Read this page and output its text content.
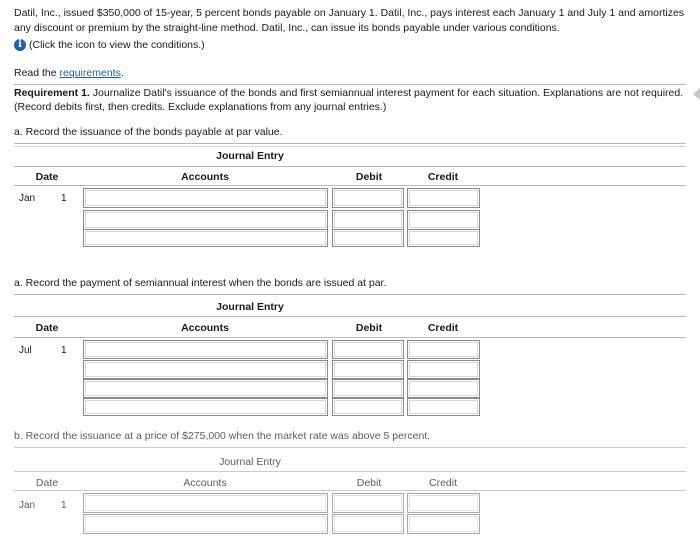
Datil, Inc., issued $350,000 of 15-year, 5 percent bonds payable on January 1. Datil, Inc., pays interest each January 1 and July 1 and amortizes any discount or premium by the straight-line method. Datil, Inc., can issue its bonds payable under various conditions.
i (Click the icon to view the conditions.)
Read the requirements.
Requirement 1. Journalize Datil's issuance of the bonds and first semiannual interest payment for each situation. Explanations are not required. (Record debits first, then credits. Exclude explanations from any journal entries.)
a. Record the issuance of the bonds payable at par value.
Journal Entry
Date	Accounts	Debit	Credit
Jan	1
a. Record the payment of semiannual interest when the bonds are issued at par.
Journal Entry
Date	Accounts	Debit	Credit
Jul	1
b. Record the issuance at a price of $275,000 when the market rate was above 5 percent.
Journal Entry
Date	Accounts	Debit	Credit
Jan	1
